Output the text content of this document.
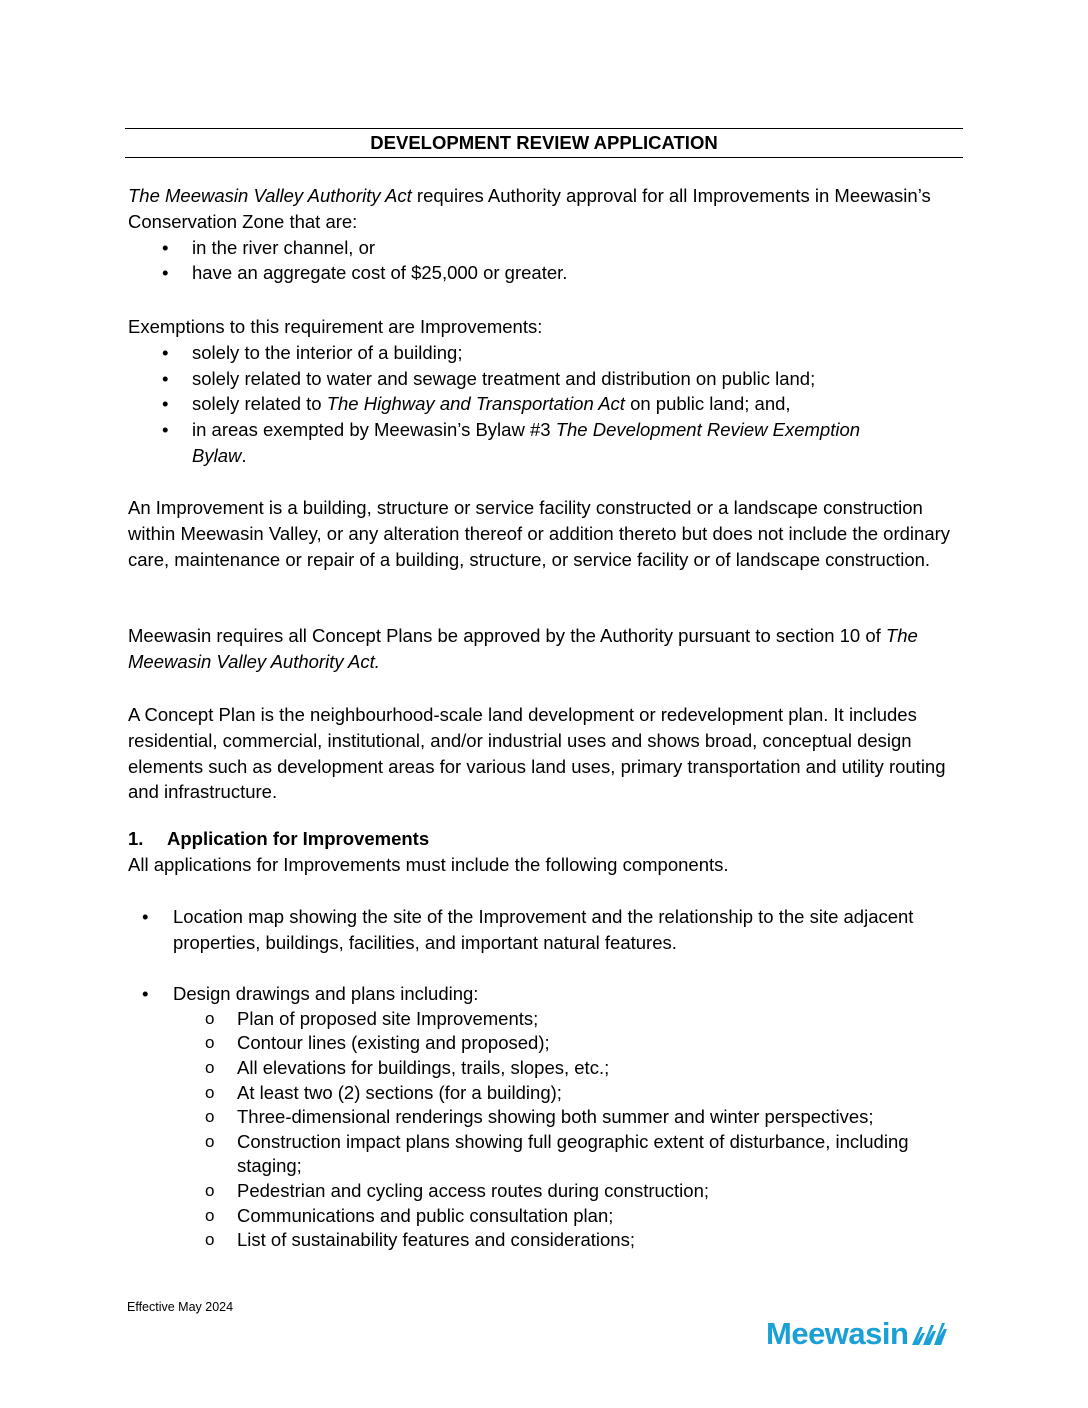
DEVELOPMENT REVIEW APPLICATION

The Meewasin Valley Authority Act requires Authority approval for all Improvements in Meewasin’s Conservation Zone that are:

• in the river channel, or
• have an aggregate cost of $25,000 or greater.

Exemptions to this requirement are Improvements:

• solely to the interior of a building;
• solely related to water and sewage treatment and distribution on public land;
• solely related to The Highway and Transportation Act on public land; and,
• in areas exempted by Meewasin’s Bylaw #3 The Development Review Exemption Bylaw.

An Improvement is a building, structure or service facility constructed or a landscape construction within Meewasin Valley, or any alteration thereof or addition thereto but does not include the ordinary care, maintenance or repair of a building, structure, or service facility or of landscape construction.

Meewasin requires all Concept Plans be approved by the Authority pursuant to section 10 of The Meewasin Valley Authority Act.

A Concept Plan is the neighbourhood-scale land development or redevelopment plan. It includes residential, commercial, institutional, and/or industrial uses and shows broad, conceptual design elements such as development areas for various land uses, primary transportation and utility routing and infrastructure.

1. Application for Improvements

All applications for Improvements must include the following components.

• Location map showing the site of the Improvement and the relationship to the site adjacent properties, buildings, facilities, and important natural features.
• Design drawings and plans including:
o Plan of proposed site Improvements;
o Contour lines (existing and proposed);
o All elevations for buildings, trails, slopes, etc.;
o At least two (2) sections (for a building);
o Three-dimensional renderings showing both summer and winter perspectives;
o Construction impact plans showing full geographic extent of disturbance, including staging;
o Pedestrian and cycling access routes during construction;
o Communications and public consultation plan;
o List of sustainability features and considerations;
Effective May 2024
Meewasin
